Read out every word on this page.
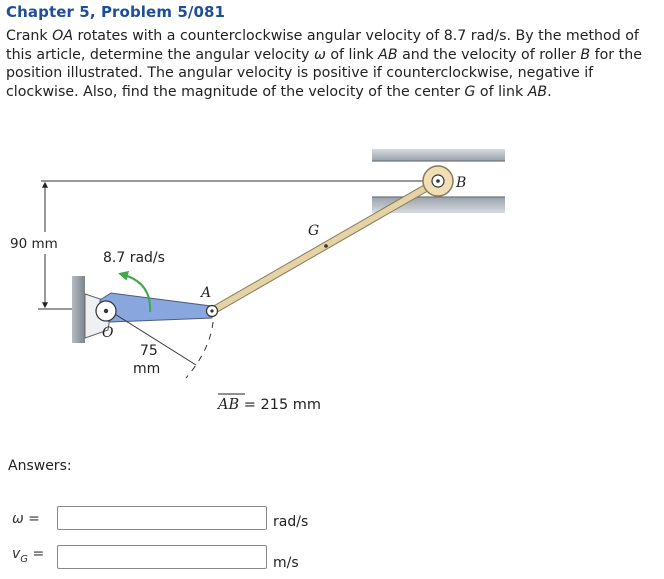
Chapter 5, Problem 5/081
Crank OA rotates with a counterclockwise angular velocity of 8.7 rad/s. By the method of this article, determine the angular velocity ω of link AB and the velocity of roller B for the position illustrated. The angular velocity is positive if counterclockwise, negative if clockwise. Also, find the magnitude of the velocity of the center G of link AB.
90 mm
B
G
A
O
8.7 rad/s
75
mm
AB = 215 mm
Answers:
ω =	rad/s
$v_G$ =
m/s
